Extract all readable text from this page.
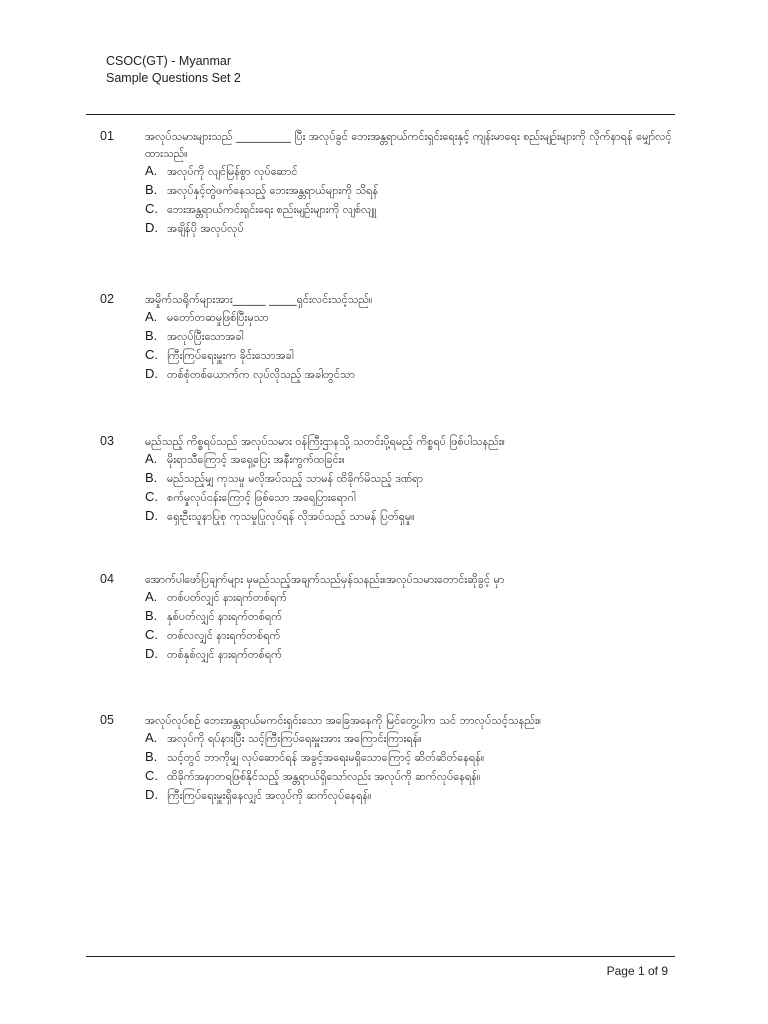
CSOC(GT) - Myanmar
Sample Questions Set 2
01	အလုပ်သမားများသည် __________ ပြီး အလုပ်ခွင် ဘေးအန္တရာယ်ကင်းရှင်းရေးနှင့် ကျန်းမာရေး စည်းမျဉ်းများကို လိုက်နာရန် မျှော်လင့်ထားသည်။
A. အလုပ်ကို လျင်မြန်စွာ လုပ်ဆောင်
B. အလုပ်နှင့်တွဲဖက်နေသည့် ဘေးအန္တရာယ်များကို သိရန်
C. ဘေးအန္တရာယ်ကင်းရှင်းရေး စည်းမျဉ်းများကို လျစ်လျူ
D. အချိန်ပို အလုပ်လုပ်
02	အမှိုက်သရိုက်များအား______ _____ရှင်းလင်းသင့်သည်။
A. မတော်တဆမှုဖြစ်ပြီးမှသာ
B. အလုပ်ပြီးသောအခါ
C. ကြီးကြပ်ရေးမှူးက ခိုင်းသောအခါ
D. တစ်စုံတစ်ယောက်က လုပ်လိုသည့် အခါတွင်သာ
03	မည်သည့် ကိစ္စရပ်သည် အလုပ်သမား ဝန်ကြီးဌာနသို့ သတင်းပို့ရမည့် ကိစ္စရပ် ဖြစ်ပါသနည်း။
A. မိုးရာသီကြောင့် အရှေ့ပြေး အနီးကွက်ထခြင်း။
B. မည်သည့်မျှ ကုသမှု မလိုအပ်သည့် သာမန် ထိခိုက်မိသည့် ဒဏ်ရာ
C. စက်မှုလုပ်ငန်းကြောင့် ဖြစ်သော အရေပြားရောဂါ
D. ရှေးဦးသူနာပြုစု ကုသမှုပြုလုပ်ရန် လိုအပ်သည့် သာမန် ပြတ်ရှမှု။
04	အောက်ပါဖော်ပြချက်များ မှမည်သည့်အချက်သည်မှန်သနည်း။အလုပ်သမားတောင်းဆိုခွင့် မှာ
A. တစ်ပတ်လျှင် နားရက်တစ်ရက်
B. နှစ်ပတ်လျှင် နားရက်တစ်ရက်
C. တစ်လလျှင် နားရက်တစ်ရက်
D. တစ်နှစ်လျှင် နားရက်တစ်ရက်
05	အလုပ်လုပ်စဉ် ဘေးအန္တရာယ်မကင်းရှင်းသော အခြေအနေကို မြင်တွေ့ပါက သင် ဘာလုပ်သင့်သနည်း။
A. အလုပ်ကို ရပ်နားပြီး သင့်ကြီးကြပ်ရေးမှူးအား အကြောင်းကြားရန်။
B. သင့်တွင် ဘာကိုမျှ လုပ်ဆောင်ရန် အခွင့်အရေးမရှိသောကြောင့် ဆိတ်ဆိတ်နေရန်။
C. ထိခိုက်အနာတရဖြစ်နိုင်သည့် အန္တရာယ်ရှိသော်လည်း အလုပ်ကို ဆက်လုပ်နေရန်။
D. ကြီးကြပ်ရေးမှူးရှိနေလျှင် အလုပ်ကို ဆက်လုပ်နေရန်။
Page 1 of 9
